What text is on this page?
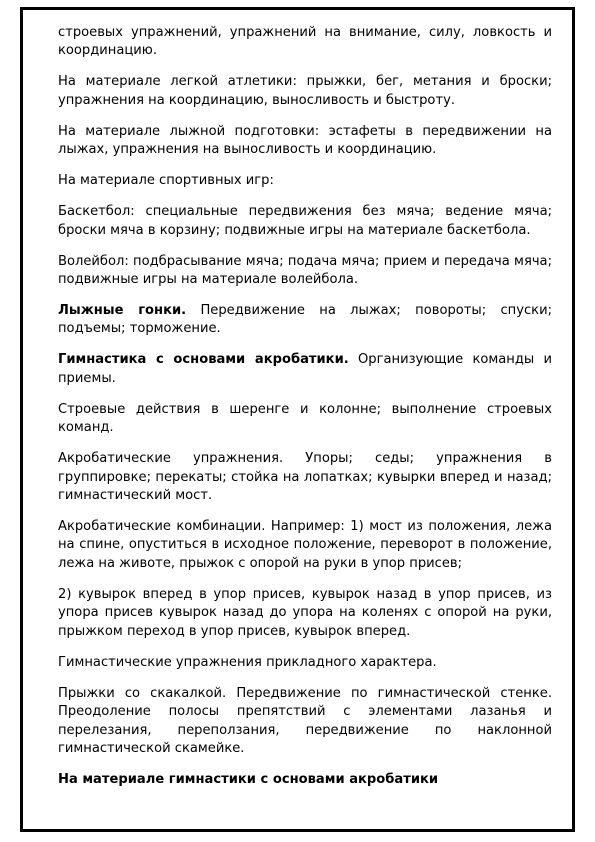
строевых упражнений, упражнений на внимание, силу, ловкость и координацию.

На материале легкой атлетики: прыжки, бег, метания и броски; упражнения на координацию, выносливость и быстроту.

На материале лыжной подготовки: эстафеты в передвижении на лыжах, упражнения на выносливость и координацию.

На материале спортивных игр:

Баскетбол: специальные передвижения без мяча; ведение мяча; броски мяча в корзину; подвижные игры на материале баскетбола.

Волейбол: подбрасывание мяча; подача мяча; прием и передача мяча; подвижные игры на материале волейбола.

Лыжные гонки. Передвижение на лыжах; повороты; спуски; подъемы; торможение.

Гимнастика с основами акробатики. Организующие команды и приемы.

Строевые действия в шеренге и колонне; выполнение строевых команд.

Акробатические упражнения. Упоры; седы; упражнения в группировке; перекаты; стойка на лопатках; кувырки вперед и назад; гимнастический мост.

Акробатические комбинации. Например: 1) мост из положения, лежа на спине, опуститься в исходное положение, переворот в положение, лежа на животе, прыжок с опорой на руки в упор присев;

2) кувырок вперед в упор присев, кувырок назад в упор присев, из упора присев кувырок назад до упора на коленях с опорой на руки, прыжком переход в упор присев, кувырок вперед.

Гимнастические упражнения прикладного характера.

Прыжки со скакалкой. Передвижение по гимнастической стенке. Преодоление полосы препятствий с элементами лазанья и перелезания, переползания, передвижение по наклонной гимнастической скамейке.

На материале гимнастики с основами акробатики
